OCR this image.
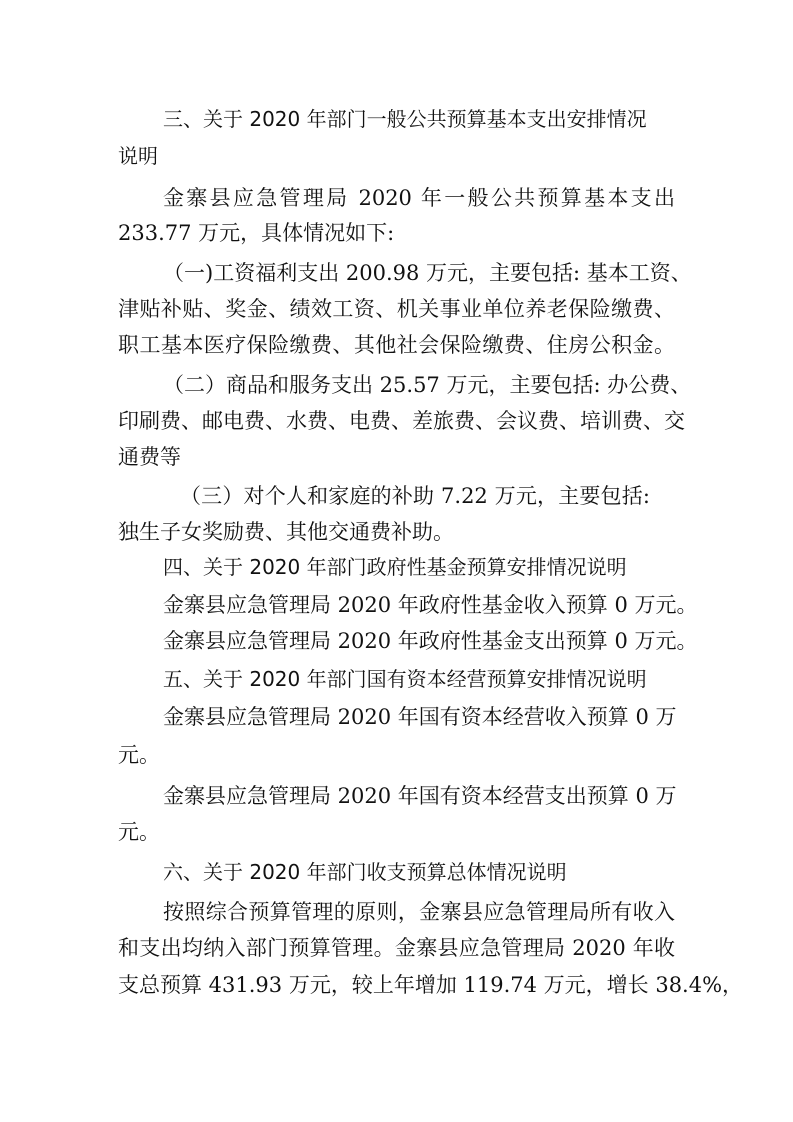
三、关于 2020 年部门一般公共预算基本支出安排情况
说明
金寨县应急管理局 2020 年一般公共预算基本支出
233.77 万元，具体情况如下:
（一)工资福利支出 200.98 万元，主要包括: 基本工资、
津贴补贴、奖金、绩效工资、机关事业单位养老保险缴费、
职工基本医疗保险缴费、其他社会保险缴费、住房公积金。
（二）商品和服务支出 25.57 万元，主要包括: 办公费、
印刷费、邮电费、水费、电费、差旅费、会议费、培训费、交
通费等
（三）对个人和家庭的补助 7.22 万元，主要包括:
独生子女奖励费、其他交通费补助。
四、关于 2020 年部门政府性基金预算安排情况说明
金寨县应急管理局 2020 年政府性基金收入预算 0 万元。
金寨县应急管理局 2020 年政府性基金支出预算 0 万元。
五、关于 2020 年部门国有资本经营预算安排情况说明
金寨县应急管理局 2020 年国有资本经营收入预算 0 万
元。
金寨县应急管理局 2020 年国有资本经营支出预算 0 万
元。
六、关于 2020 年部门收支预算总体情况说明
按照综合预算管理的原则，金寨县应急管理局所有收入
和支出均纳入部门预算管理。金寨县应急管理局 2020 年收
支总预算 431.93 万元，较上年增加 119.74 万元，增长 38.4%，
